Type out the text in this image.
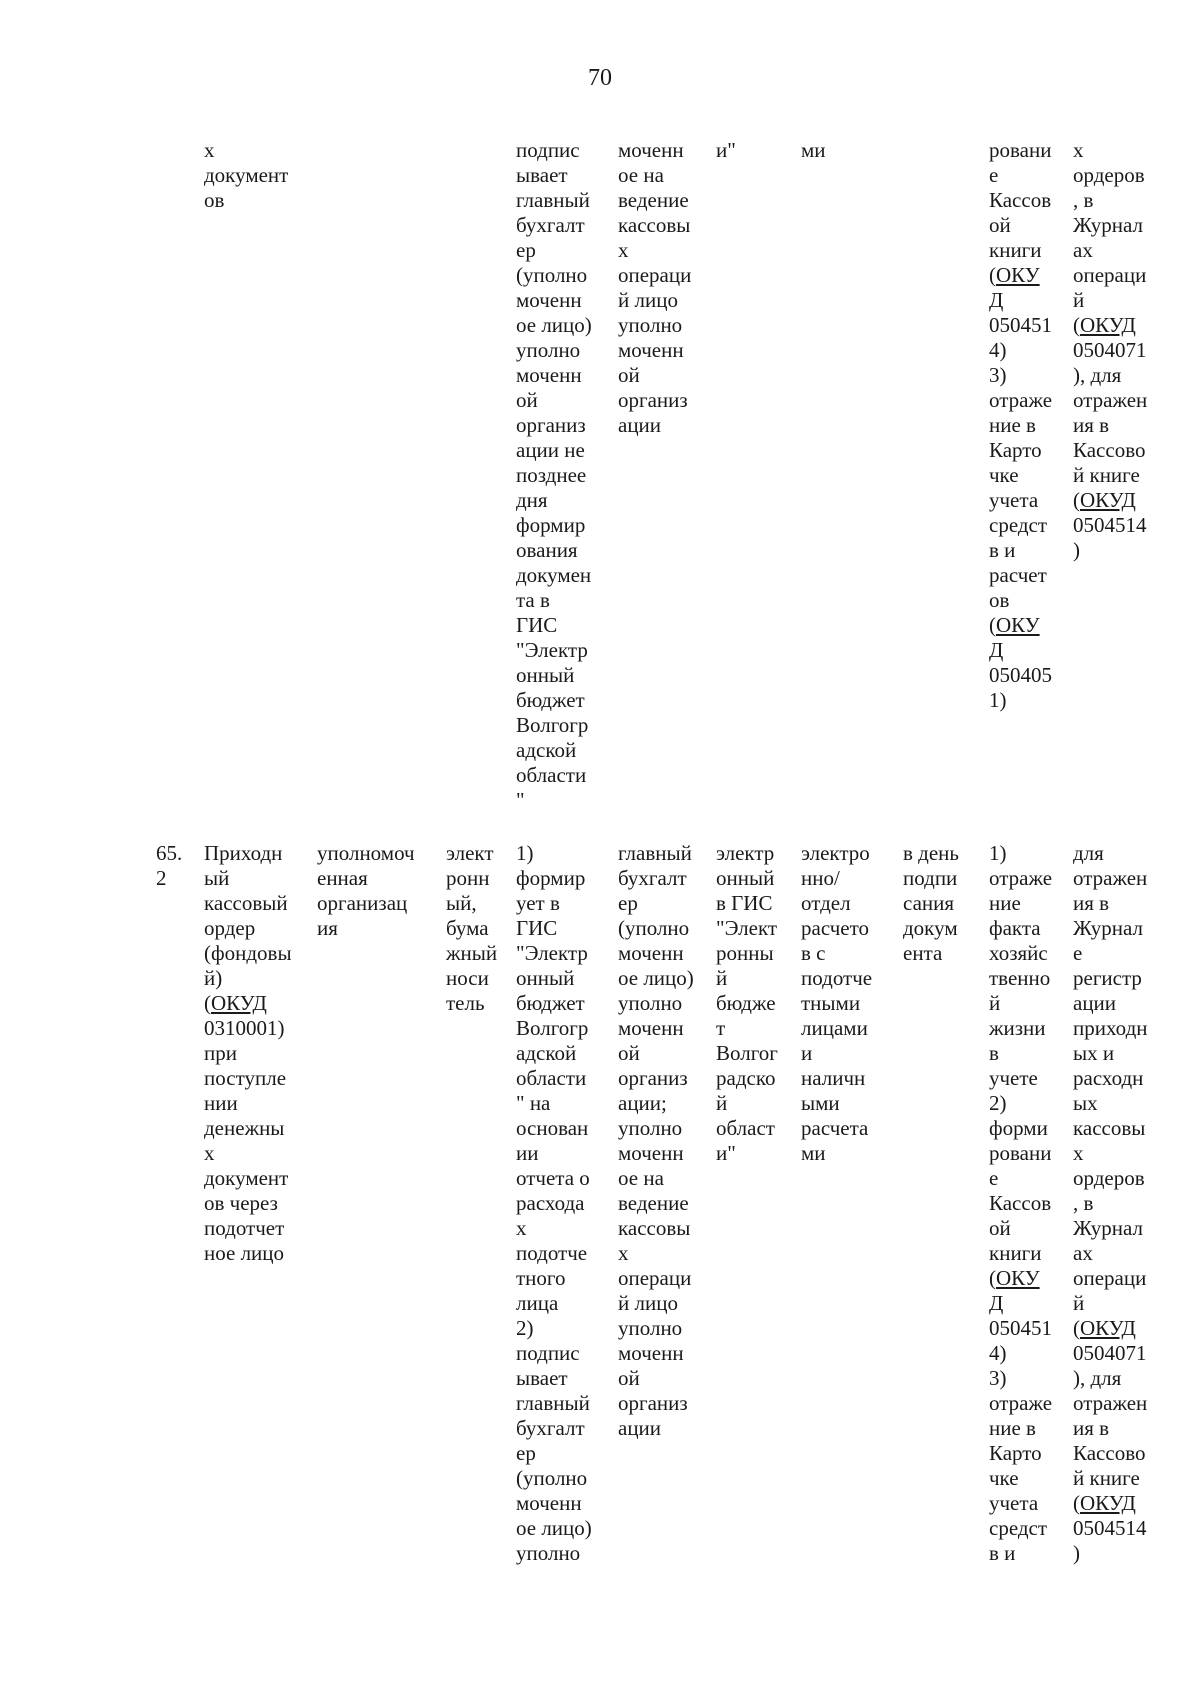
70
х
документ
ов
подпис
ывает
главный
бухгалт
ер
(уполно
моченн
ое лицо)
уполно
моченн
ой
организ
ации не
позднее
дня
формир
ования
докумен
та в
ГИС
"Электр
онный
бюджет
Волгогр
адской
области
"
моченн
ое на
ведение
кассовы
х
операци
й лицо
уполно
моченн
ой
организ
ации
и"	ми	ровани
е
Кассов
ой
книги
(ОКУ
Д
050451
4)
3)
отраже
ние в
Карто
чке
учета
средст
в и
расчет
ов
(ОКУ
Д
050405
1)
х
ордеров
, в
Журнал
ах
операци
й
(ОКУД
0504071
), для
отражен
ия в
Кассово
й книге
(ОКУД
0504514
)
65.
2
Приходн
ый
кассовый
ордер
(фондовы
й)
(ОКУД
0310001)
при
поступле
нии
денежны
х
документ
ов через
подотчет
ное лицо
уполномоч
енная
организац
ия
элект
ронн
ый,
бума
жный
носи
тель
1)
формир
ует в
ГИС
"Электр
онный
бюджет
Волгогр
адской
области
" на
основан
ии
отчета о
расхода
х
подотче
тного
лица
2)
подпис
ывает
главный
бухгалт
ер
(уполно
моченн
ое лицо)
уполно
главный
бухгалт
ер
(уполно
моченн
ое лицо)
уполно
моченн
ой
организ
ации;
уполно
моченн
ое на
ведение
кассовы
х
операци
й лицо
уполно
моченн
ой
организ
ации
электр
онный
в ГИС
"Элект
ронны
й
бюдже
т
Волгог
радско
й
област
и"
электро
нно/
отдел
расчето
в с
подотче
тными
лицами
и
наличн
ыми
расчета
ми
в день
подпи
сания
докум
ента
1)
отраже
ние
факта
хозяйс
твенно
й
жизни
в
учете
2)
форми
ровани
е
Кассов
ой
книги
(ОКУ
Д
050451
4)
3)
отраже
ние в
Карто
чке
учета
средст
в и
для
отражен
ия в
Журнал
е
регистр
ации
приходн
ых и
расходн
ых
кассовы
х
ордеров
, в
Журнал
ах
операци
й
(ОКУД
0504071
), для
отражен
ия в
Кассово
й книге
(ОКУД
0504514
)
